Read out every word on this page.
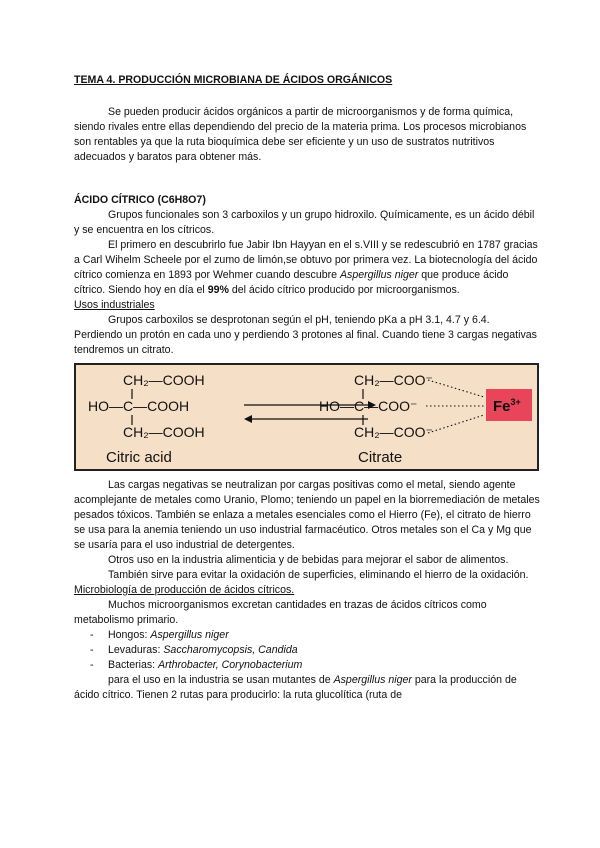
TEMA 4. PRODUCCIÓN MICROBIANA DE ÁCIDOS ORGÁNICOS

Se pueden producir ácidos orgánicos a partir de microorganismos y de forma química, siendo rivales entre ellas dependiendo del precio de la materia prima. Los procesos microbianos son rentables ya que la ruta bioquímica debe ser eficiente y un uso de sustratos nutritivos adecuados y baratos para obtener más.

ÁCIDO CÍTRICO (C6H8O7)

Grupos funcionales son 3 carboxilos y un grupo hidroxilo. Químicamente, es un ácido débil y se encuentra en los cítricos.

El primero en descubrirlo fue Jabir Ibn Hayyan en el s.VIII y se redescubrió en 1787 gracias a Carl Wihelm Scheele por el zumo de limón,se obtuvo por primera vez. La biotecnología del ácido cítrico comienza en 1893 por Wehmer cuando descubre Aspergillus niger que produce ácido cítrico. Siendo hoy en día el 99% del ácido cítrico producido por microorganismos.

Usos industriales

Grupos carboxilos se desprotonan según el pH, teniendo pKa a pH 3.1, 4.7 y 6.4. Perdiendo un protón en cada uno y perdiendo 3 protones al final. Cuando tiene 3 cargas negativas tendremos un citrato.

CH₂—COOH
HO—C—COOH
CH₂—COOH
Citric acid
CH₂—COO⁻
HO—C—COO⁻
CH₂—COO⁻
Citrate
$Fe^{3+}$

Las cargas negativas se neutralizan por cargas positivas como el metal, siendo agente acomplejante de metales como Uranio, Plomo; teniendo un papel en la biorremediación de metales pesados tóxicos. También se enlaza a metales esenciales como el Hierro (Fe), el citrato de hierro se usa para la anemia teniendo un uso industrial farmacéutico. Otros metales son el Ca y Mg que se usaría para el uso industrial de detergentes.

Otros uso en la industria alimenticia y de bebidas para mejorar el sabor de alimentos.

También sirve para evitar la oxidación de superficies, eliminando el hierro de la oxidación.

Microbiología de producción de ácidos cítricos.

Muchos microorganismos excretan cantidades en trazas de ácidos cítricos como metabolismo primario.

- Hongos: Aspergillus niger
- Levaduras: Saccharomycopsis, Candida
- Bacterias: Arthrobacter, Corynobacterium

para el uso en la industria se usan mutantes de Aspergillus niger para la producción de ácido cítrico. Tienen 2 rutas para producirlo: la ruta glucolítica (ruta de
